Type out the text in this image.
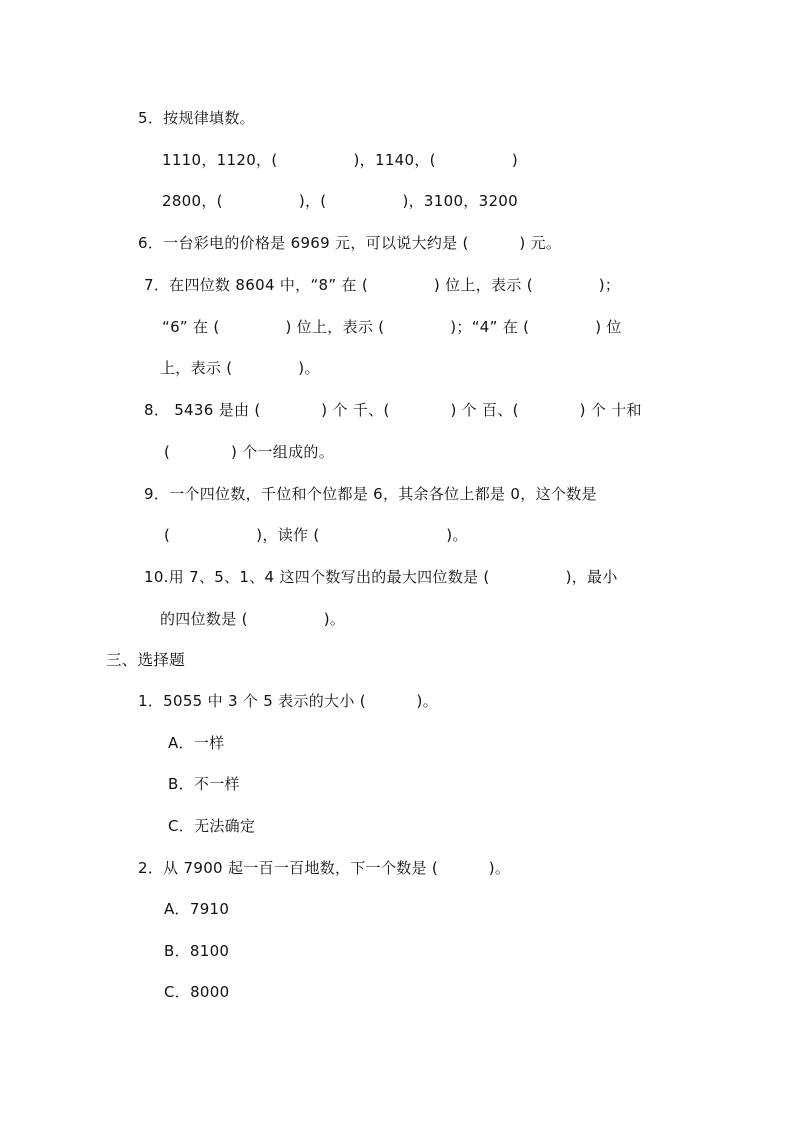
5．按规律填数。
1110，1120，(               )，1140，(               )
2800，(               )，(               )，3100，3200
6．一台彩电的价格是 6969 元，可以说大约是 (          ) 元。
7．在四位数 8604 中，“8” 在 (             ) 位上，表示 (             )；
“6” 在 (             ) 位上，表示 (             )；“4” 在 (             ) 位
上，表示 (             )。
8． 5436 是由 (            ) 个 千、(            ) 个 百、(            ) 个 十和
(            ) 个一组成的。
9．一个四位数，千位和个位都是 6，其余各位上都是 0，这个数是
(                 )，读作 (                         )。
10.用 7、5、1、4 这四个数写出的最大四位数是 (               )，最小
的四位数是 (               )。
三、选择题
1．5055 中 3 个 5 表示的大小 (          )。
A．一样
B．不一样
C．无法确定
2．从 7900 起一百一百地数，下一个数是 (          )。
A．7910
B．8100
C．8000
